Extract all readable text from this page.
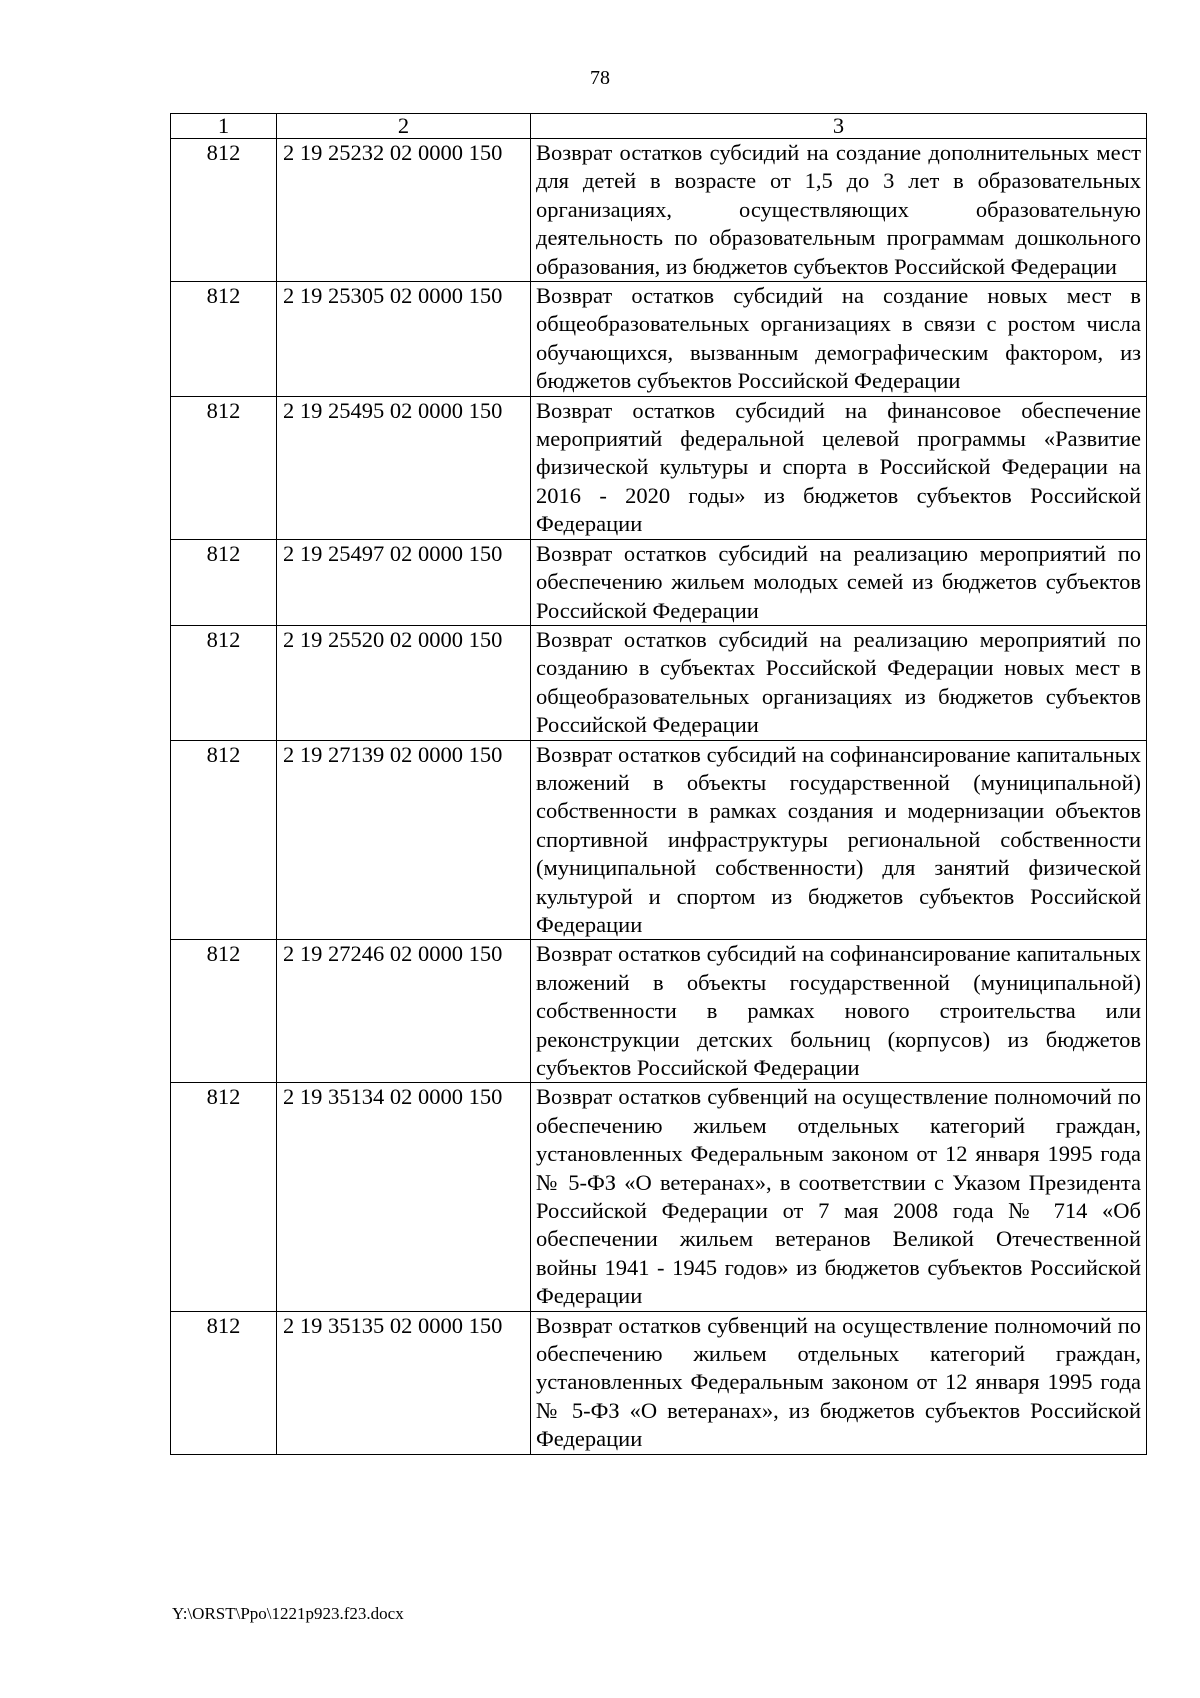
78
1	2	3
812	2 19 25232 02 0000 150	Возврат остатков субсидий на создание дополнительных мест для детей в возрасте от 1,5 до 3 лет в образовательных организациях, осуществляющих образовательную деятельность по образовательным программам дошкольного образования, из бюджетов субъектов Российской Федерации
812	2 19 25305 02 0000 150	Возврат остатков субсидий на создание новых мест в общеобразовательных организациях в связи с ростом числа обучающихся, вызванным демографическим фактором, из бюджетов субъектов Российской Федерации
812	2 19 25495 02 0000 150	Возврат остатков субсидий на финансовое обеспечение мероприятий федеральной целевой программы «Развитие физической культуры и спорта в Российской Федерации на 2016 - 2020 годы» из бюджетов субъектов Российской Федерации
812	2 19 25497 02 0000 150	Возврат остатков субсидий на реализацию мероприятий по обеспечению жильем молодых семей из бюджетов субъектов Российской Федерации
812	2 19 25520 02 0000 150	Возврат остатков субсидий на реализацию мероприятий по созданию в субъектах Российской Федерации новых мест в общеобразовательных организациях из бюджетов субъектов Российской Федерации
812	2 19 27139 02 0000 150	Возврат остатков субсидий на софинансирование капитальных вложений в объекты государственной (муниципальной) собственности в рамках создания и модернизации объектов спортивной инфраструктуры региональной собственности (муниципальной собственности) для занятий физической культурой и спортом из бюджетов субъектов Российской Федерации
812	2 19 27246 02 0000 150	Возврат остатков субсидий на софинансирование капитальных вложений в объекты государственной (муниципальной) собственности в рамках нового строительства или реконструкции детских больниц (корпусов) из бюджетов субъектов Российской Федерации
812	2 19 35134 02 0000 150	Возврат остатков субвенций на осуществление полномочий по обеспечению жильем отдельных категорий граждан, установленных Федеральным законом от 12 января 1995 года № 5-ФЗ «О ветеранах», в соответствии с Указом Президента Российской Федерации от 7 мая 2008 года № 714 «Об обеспечении жильем ветеранов Великой Отечественной войны 1941 - 1945 годов» из бюджетов субъектов Российской Федерации
812	2 19 35135 02 0000 150	Возврат остатков субвенций на осуществление полномочий по обеспечению жильем отдельных категорий граждан, установленных Федеральным законом от 12 января 1995 года № 5-ФЗ «О ветеранах», из бюджетов субъектов Российской Федерации
Y:\ORST\Ppo\1221p923.f23.docx
